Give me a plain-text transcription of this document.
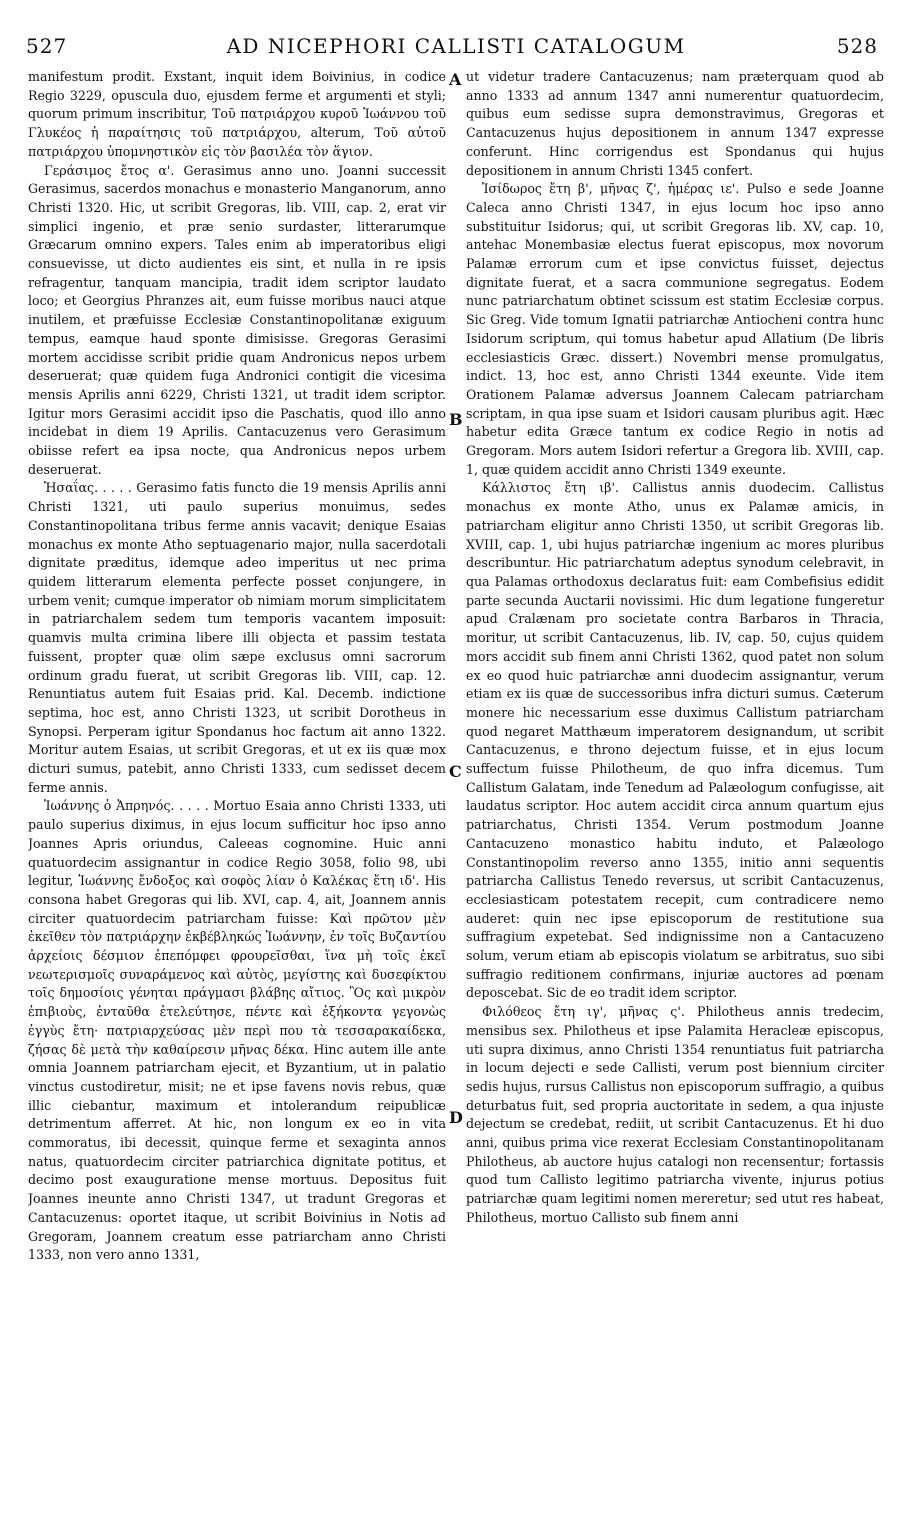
527	AD NICEPHORI CALLISTI CATALOGUM	528

manifestum prodit. Exstant, inquit idem Boivinius, in codice Regio 3229, opuscula duo, ejusdem ferme et argumenti et styli; quorum primum inscribitur, Τοῦ πατριάρχου κυροῦ Ἰωάννου τοῦ Γλυκέος ἡ παραίτησις τοῦ πατριάρχου, alterum, Τοῦ αὐτοῦ πατριάρχου ὑπομνηστικὸν εἰς τὸν βασιλέα τὸν ἅγιον.

Γεράσιμος ἔτος α'. Gerasimus anno uno. Joanni successit Gerasimus, sacerdos monachus e monasterio Manganorum, anno Christi 1320. Hic, ut scribit Gregoras, lib. VIII, cap. 2, erat vir simplici ingenio, et præ senio surdaster, litterarumque Græcarum omnino expers. Tales enim ab imperatoribus eligi consuevisse, ut dicto audientes eis sint, et nulla in re ipsis refragentur, tanquam mancipia, tradit idem scriptor laudato loco; et Georgius Phranzes ait, eum fuisse moribus nauci atque inutilem, et præfuisse Ecclesiæ Constantinopolitanæ exiguum tempus, eamque haud sponte dimisisse. Gregoras Gerasimi mortem accidisse scribit pridie quam Andronicus nepos urbem deseruerat; quæ quidem fuga Andronici contigit die vicesima mensis Aprilis anni 6229, Christi 1321, ut tradit idem scriptor. Igitur mors Gerasimi accidit ipso die Paschatis, quod illo anno incidebat in diem 19 Aprilis. Cantacuzenus vero Gerasimum obiisse refert ea ipsa nocte, qua Andronicus nepos urbem deseruerat.

Ἡσαΐας. . . . . Gerasimo fatis functo die 19 mensis Aprilis anni Christi 1321, uti paulo superius monuimus, sedes Constantinopolitana tribus ferme annis vacavit; denique Esaias monachus ex monte Atho septuagenario major, nulla sacerdotali dignitate præditus, idemque adeo imperitus ut nec prima quidem litterarum elementa perfecte posset conjungere, in urbem venit; cumque imperator ob nimiam morum simplicitatem in patriarchalem sedem tum temporis vacantem imposuit: quamvis multa crimina libere illi objecta et passim testata fuissent, propter quæ olim sæpe exclusus omni sacrorum ordinum gradu fuerat, ut scribit Gregoras lib. VIII, cap. 12. Renuntiatus autem fuit Esaias prid. Kal. Decemb. indictione septima, hoc est, anno Christi 1323, ut scribit Dorotheus in Synopsi. Perperam igitur Spondanus hoc factum ait anno 1322. Moritur autem Esaias, ut scribit Gregoras, et ut ex iis quæ mox dicturi sumus, patebit, anno Christi 1333, cum sedisset decem ferme annis.

Ἰωάννης ὁ Ἀπρηνός. . . . . Mortuo Esaia anno Christi 1333, uti paulo superius diximus, in ejus locum sufficitur hoc ipso anno Joannes Apris oriundus, Caleeas cognomine. Huic anni quatuordecim assignantur in codice Regio 3058, folio 98, ubi legitur, Ἰωάννης ἔνδοξος καὶ σοφὸς λίαν ὁ Καλέκας ἔτη ιδ'. His consona habet Gregoras qui lib. XVI, cap. 4, ait, Joannem annis circiter quatuordecim patriarcham fuisse: Καὶ πρῶτον μὲν ἐκεῖθεν τὸν πατριάρχην ἐκβέβληκώς Ἰωάννην, ἐν τοῖς Βυζαντίου ἀρχείοις δέσμιον ἐπεπόμφει φρουρεῖσθαι, ἵνα μὴ τοῖς ἐκεῖ νεωτερισμοῖς συναράμενος καὶ αὐτὸς, μεγίστης καὶ δυσεφίκτου τοῖς δημοσίοις γένηται πράγμασι βλάβης αἴτιος. Ὃς καὶ μικρὸν ἐπιβιοὺς, ἐνταῦθα ἐτελεύτησε, πέντε καὶ ἑξήκοντα γεγονὼς ἐγγὺς ἔτη· πατριαρχεύσας μὲν περὶ που τὰ τεσσαρακαίδεκα, ζήσας δὲ μετὰ τὴν καθαίρεσιν μῆνας δέκα. Hinc autem ille ante omnia Joannem patriarcham ejecit, et Byzantium, ut in palatio vinctus custodiretur, misit; ne et ipse favens novis rebus, quæ illic ciebantur, maximum et intolerandum reipublicæ detrimentum afferret. At hic, non longum ex eo in vita commoratus, ibi decessit, quinque ferme et sexaginta annos natus, quatuordecim circiter patriarchica dignitate potitus, et decimo post exauguratione mense mortuus. Depositus fuit Joannes ineunte anno Christi 1347, ut tradunt Gregoras et Cantacuzenus: oportet itaque, ut scribit Boivinius in Notis ad Gregoram, Joannem creatum esse patriarcham anno Christi 1333, non vero anno 1331,

ut videtur tradere Cantacuzenus; nam præterquam quod ab anno 1333 ad annum 1347 anni numerentur quatuordecim, quibus eum sedisse supra demonstravimus, Gregoras et Cantacuzenus hujus depositionem in annum 1347 expresse conferunt. Hinc corrigendus est Spondanus qui hujus depositionem in annum Christi 1345 confert.

Ἰσίδωρος ἔτη β', μῆνας ζ', ἡμέρας ιε'. Pulso e sede Joanne Caleca anno Christi 1347, in ejus locum hoc ipso anno substituitur Isidorus; qui, ut scribit Gregoras lib. XV, cap. 10, antehac Monembasiæ electus fuerat episcopus, mox novorum Palamæ errorum cum et ipse convictus fuisset, dejectus dignitate fuerat, et a sacra communione segregatus. Eodem nunc patriarchatum obtinet scissum est statim Ecclesiæ corpus. Sic Greg. Vide tomum Ignatii patriarchæ Antiocheni contra hunc Isidorum scriptum, qui tomus habetur apud Allatium (De libris ecclesiasticis Græc. dissert.) Novembri mense promulgatus, indict. 13, hoc est, anno Christi 1344 exeunte. Vide item Orationem Palamæ adversus Joannem Calecam patriarcham scriptam, in qua ipse suam et Isidori causam pluribus agit. Hæc habetur edita Græce tantum ex codice Regio in notis ad Gregoram. Mors autem Isidori refertur a Gregora lib. XVIII, cap. 1, quæ quidem accidit anno Christi 1349 exeunte.

Κάλλιστος ἔτη ιβ'. Callistus annis duodecim. Callistus monachus ex monte Atho, unus ex Palamæ amicis, in patriarcham eligitur anno Christi 1350, ut scribit Gregoras lib. XVIII, cap. 1, ubi hujus patriarchæ ingenium ac mores pluribus describuntur. Hic patriarchatum adeptus synodum celebravit, in qua Palamas orthodoxus declaratus fuit: eam Combefisius edidit parte secunda Auctarii novissimi. Hic dum legatione fungeretur apud Cralænam pro societate contra Barbaros in Thracia, moritur, ut scribit Cantacuzenus, lib. IV, cap. 50, cujus quidem mors accidit sub finem anni Christi 1362, quod patet non solum ex eo quod huic patriarchæ anni duodecim assignantur, verum etiam ex iis quæ de successoribus infra dicturi sumus. Cæterum monere hic necessarium esse duximus Callistum patriarcham quod negaret Matthæum imperatorem designandum, ut scribit Cantacuzenus, e throno dejectum fuisse, et in ejus locum suffectum fuisse Philotheum, de quo infra dicemus. Tum Callistum Galatam, inde Tenedum ad Palæologum confugisse, ait laudatus scriptor. Hoc autem accidit circa annum quartum ejus patriarchatus, Christi 1354. Verum postmodum Joanne Cantacuzeno monastico habitu induto, et Palæologo Constantinopolim reverso anno 1355, initio anni sequentis patriarcha Callistus Tenedo reversus, ut scribit Cantacuzenus, ecclesiasticam potestatem recepit, cum contradicere nemo auderet: quin nec ipse episcoporum de restitutione sua suffragium expetebat. Sed indignissime non a Cantacuzeno solum, verum etiam ab episcopis violatum se arbitratus, suo sibi suffragio reditionem confirmans, injuriæ auctores ad pœnam deposcebat. Sic de eo tradit idem scriptor.

Φιλόθεος ἔτη ιγ', μῆνας ς'. Philotheus annis tredecim, mensibus sex. Philotheus et ipse Palamita Heracleæ episcopus, uti supra diximus, anno Christi 1354 renuntiatus fuit patriarcha in locum dejecti e sede Callisti, verum post biennium circiter sedis hujus, rursus Callistus non episcoporum suffragio, a quibus deturbatus fuit, sed propria auctoritate in sedem, a qua injuste dejectum se credebat, rediit, ut scribit Cantacuzenus. Et hi duo anni, quibus prima vice rexerat Ecclesiam Constantinopolitanam Philotheus, ab auctore hujus catalogi non recensentur; fortassis quod tum Callisto legitimo patriarcha vivente, injurus potius patriarchæ quam legitimi nomen mereretur; sed utut res habeat, Philotheus, mortuo Callisto sub finem anni

A
B
C
D
